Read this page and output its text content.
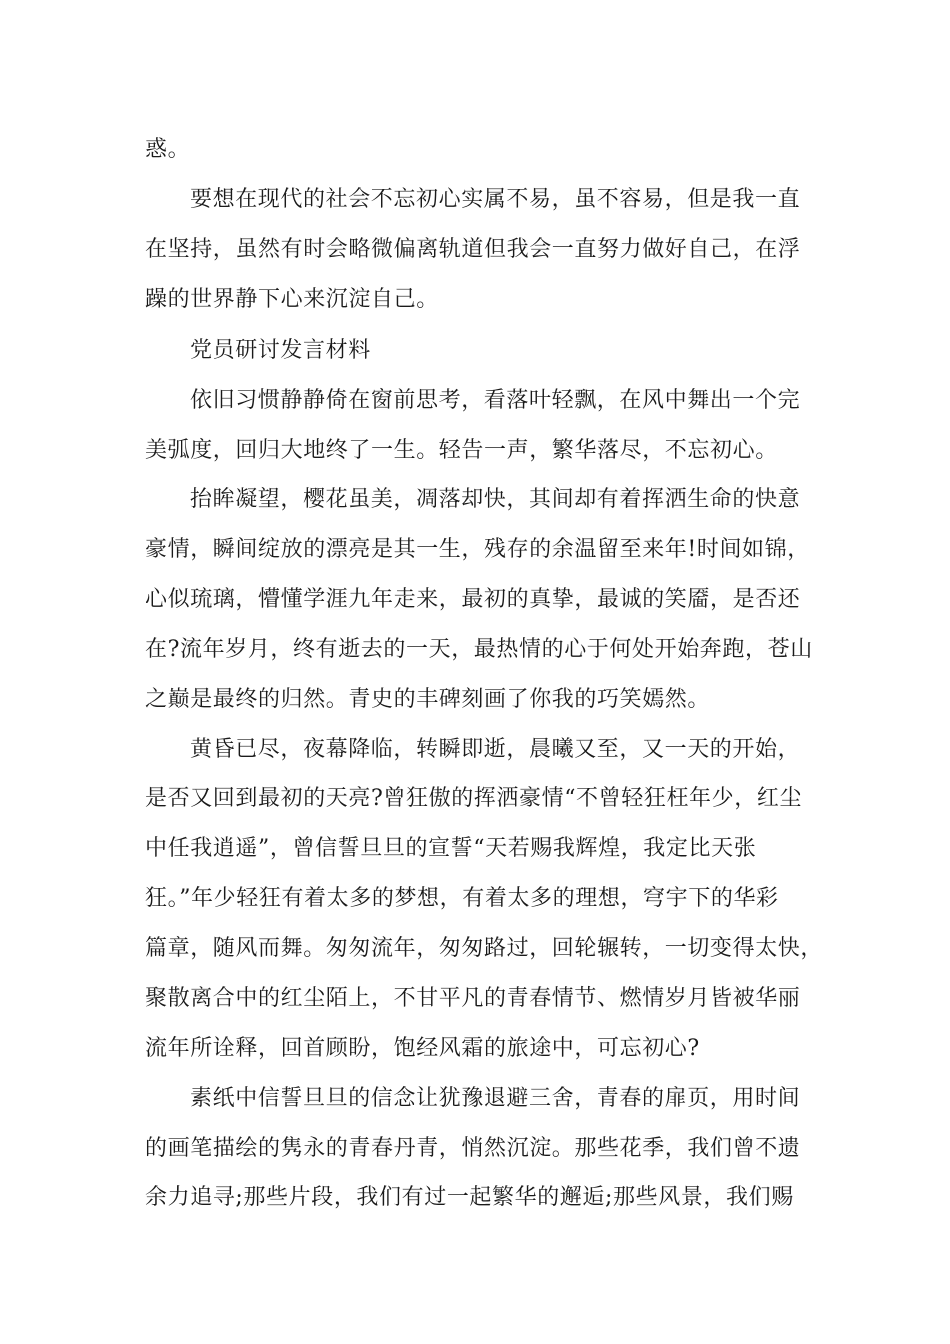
惑。
要想在现代的社会不忘初心实属不易，虽不容易，但是我一直
在坚持，虽然有时会略微偏离轨道但我会一直努力做好自己，在浮
躁的世界静下心来沉淀自己。
党员研讨发言材料
依旧习惯静静倚在窗前思考，看落叶轻飘，在风中舞出一个完
美弧度，回归大地终了一生。轻告一声，繁华落尽，不忘初心。
抬眸凝望，樱花虽美，凋落却快，其间却有着挥洒生命的快意
豪情，瞬间绽放的漂亮是其一生，残存的余温留至来年!时间如锦，
心似琉璃，懵懂学涯九年走来，最初的真挚，最诚的笑靥，是否还
在?流年岁月，终有逝去的一天，最热情的心于何处开始奔跑，苍山
之巅是最终的归然。青史的丰碑刻画了你我的巧笑嫣然。
黄昏已尽，夜幕降临，转瞬即逝，晨曦又至，又一天的开始，
是否又回到最初的天亮?曾狂傲的挥洒豪情“不曾轻狂枉年少，红尘
中任我逍遥”，曾信誓旦旦的宣誓“天若赐我辉煌，我定比天张
狂。”年少轻狂有着太多的梦想，有着太多的理想，穹宇下的华彩
篇章，随风而舞。匆匆流年，匆匆路过，回轮辗转，一切变得太快，
聚散离合中的红尘陌上，不甘平凡的青春情节、燃情岁月皆被华丽
流年所诠释，回首顾盼，饱经风霜的旅途中，可忘初心?
素纸中信誓旦旦的信念让犹豫退避三舍，青春的扉页，用时间
的画笔描绘的隽永的青春丹青，悄然沉淀。那些花季，我们曾不遗
余力追寻;那些片段，我们有过一起繁华的邂逅;那些风景，我们赐
